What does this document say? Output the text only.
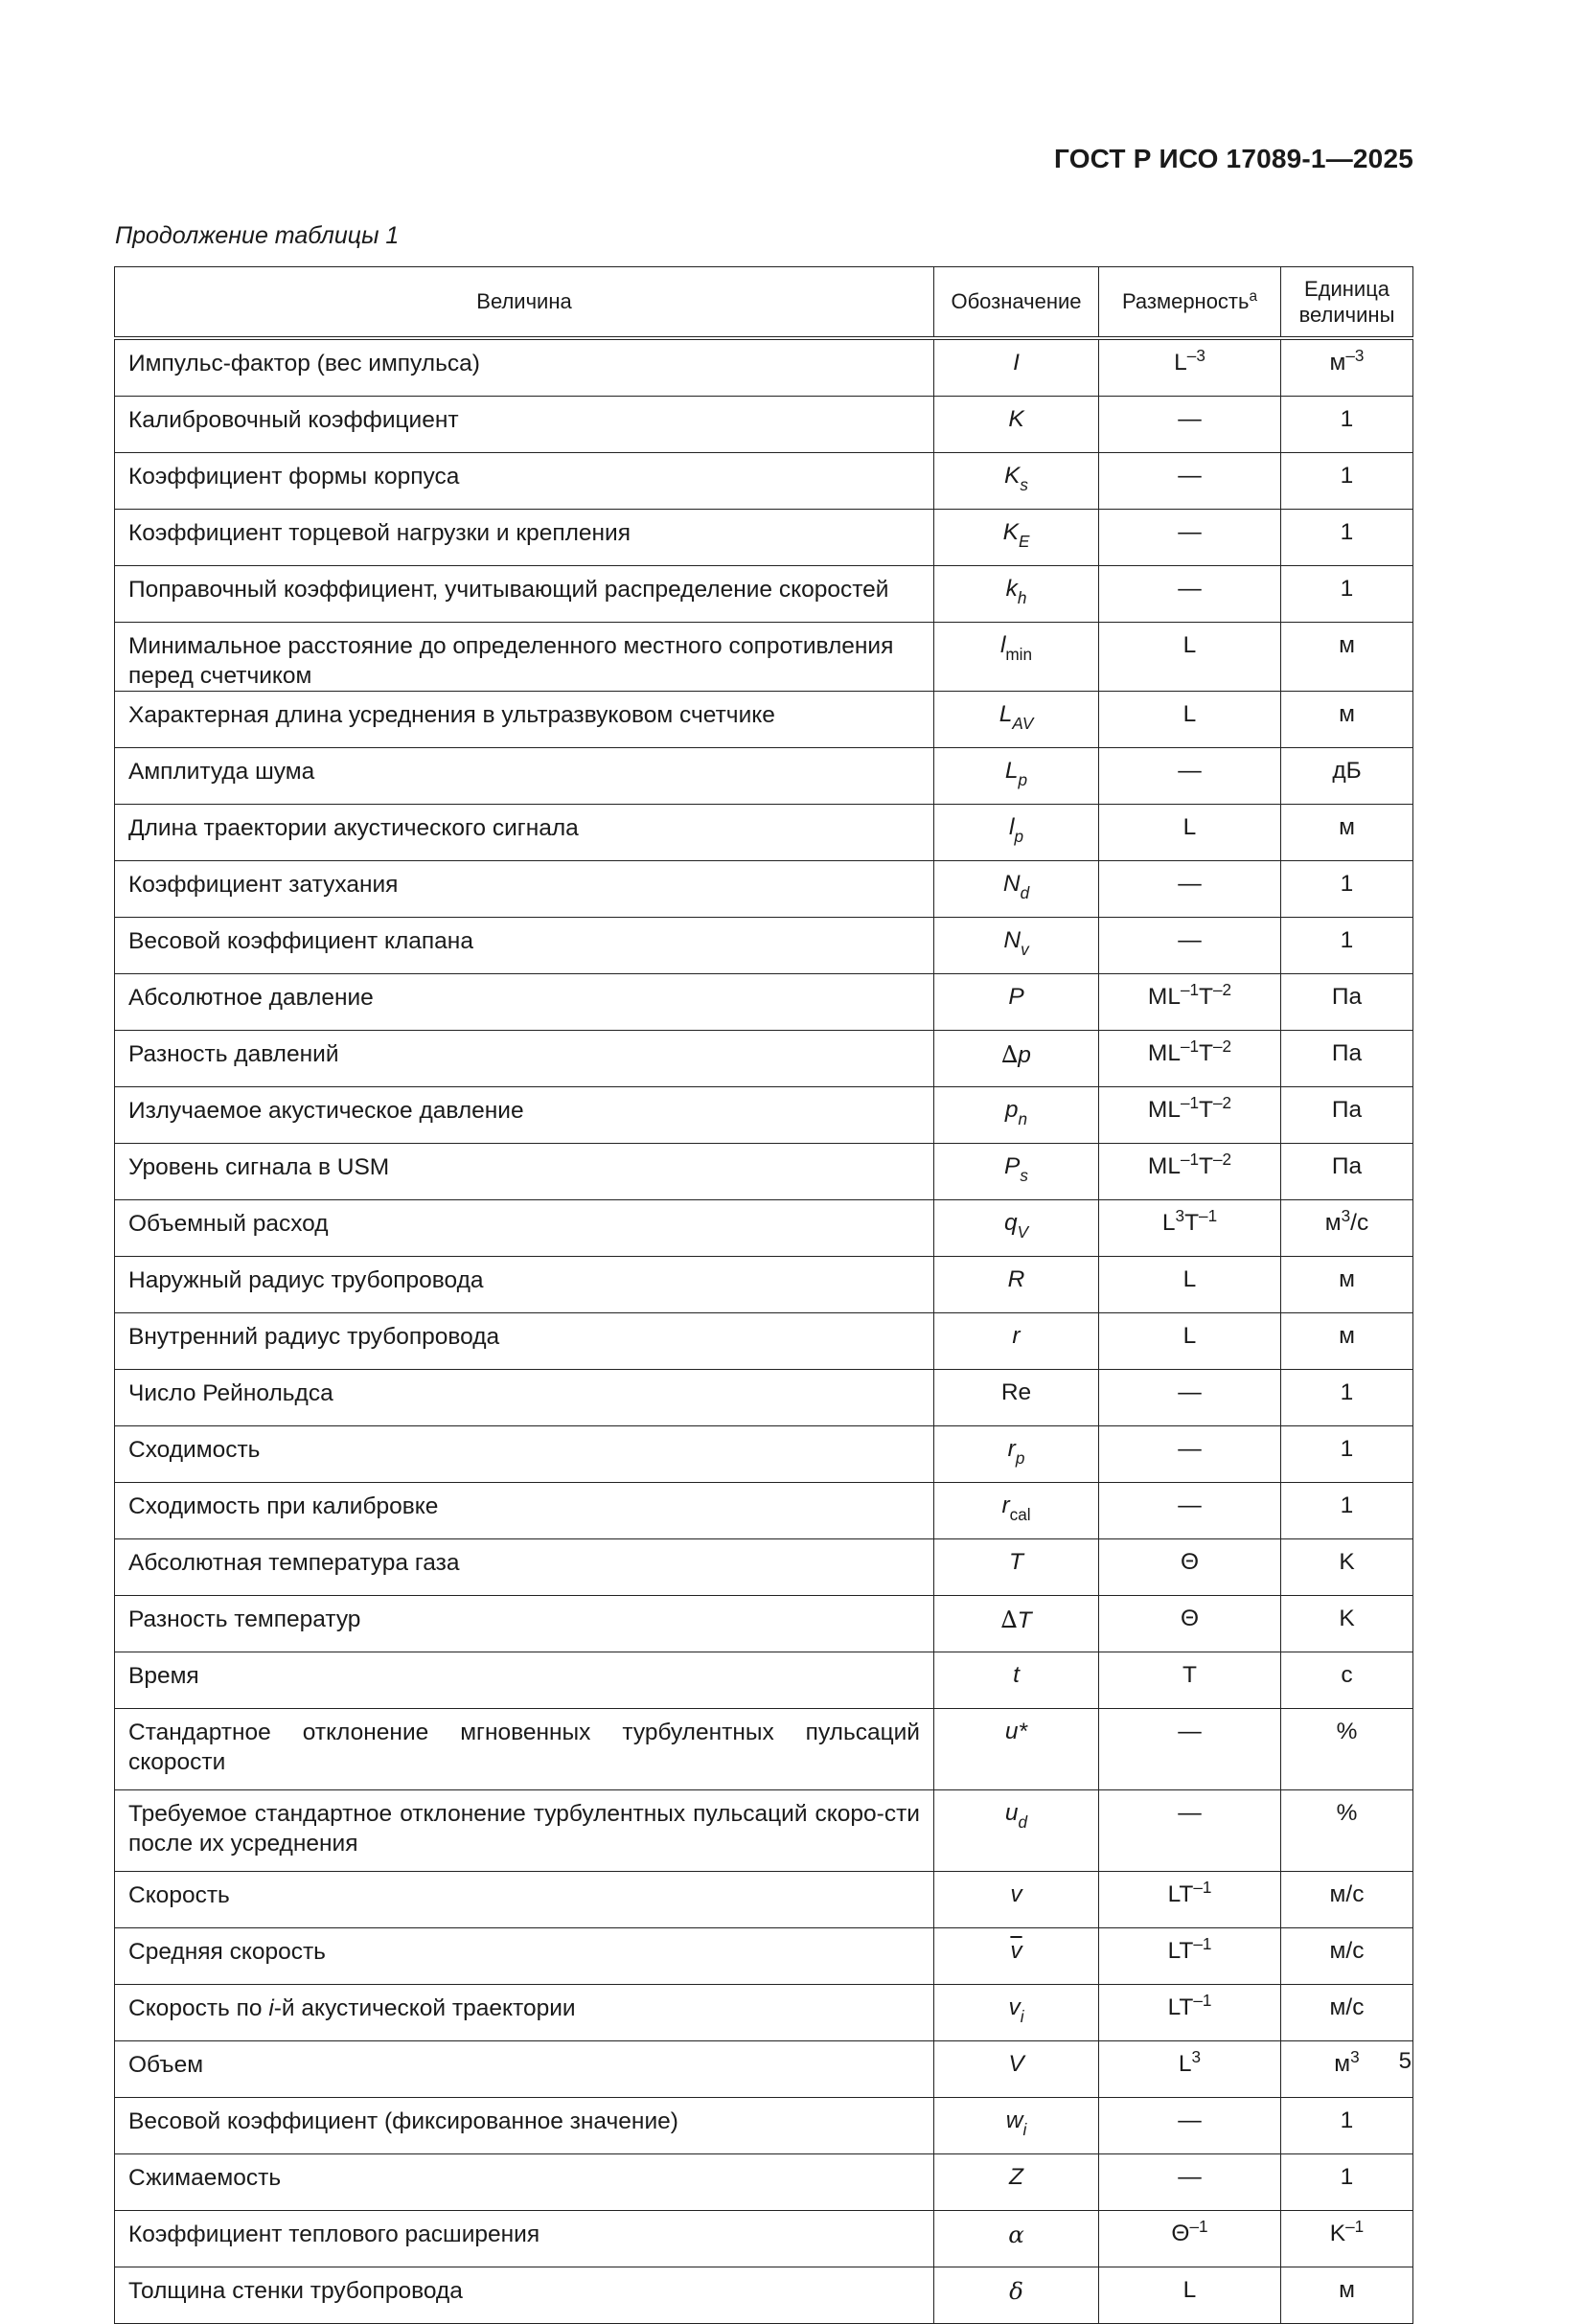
ГОСТ Р ИСО 17089-1—2025
Продолжение таблицы 1
Величина	Обозначение	Размерность$^a$	Единица
величины
Импульс-фактор (вес импульса)	I	$L^{-3}$	$м^{-3}$
Калибровочный коэффициент	K	—	1
Коэффициент формы корпуса	$K_s$	—	1
Коэффициент торцевой нагрузки и крепления	$K_E$	—	1
Поправочный коэффициент, учитывающий распределение скоростей	$k_h$	—	1
Минимальное расстояние до определенного местного сопротивления перед счетчиком	$l_{min}$	L	м
Характерная длина усреднения в ультразвуковом счетчике	$L_{AV}$	L	м
Амплитуда шума	$L_p$	—	дБ
Длина траектории акустического сигнала	$l_p$	L	м
Коэффициент затухания	$N_d$	—	1
Весовой коэффициент клапана	$N_v$	—	1
Абсолютное давление	P	$ML^{-1}T^{-2}$	Па
Разность давлений	∆p	$ML^{-1}T^{-2}$	Па
Излучаемое акустическое давление	$p_n$	$ML^{-1}T^{-2}$	Па
Уровень сигнала в USM	$P_s$	$ML^{-1}T^{-2}$	Па
Объемный расход	$q_V$	$L^3T^{-1}$	$м^3/с$
Наружный радиус трубопровода	R	L	м
Внутренний радиус трубопровода	r	L	м
Число Рейнольдса	Re	—	1
Сходимость	$r_p$	—	1
Сходимость при калибровке	$r_{cal}$	—	1
Абсолютная температура газа	T	Θ	K
Разность температур	∆T	Θ	K
Время	t	T	с
Стандартное отклонение мгновенных турбулентных пульсаций скорости	u*	—	%
Требуемое стандартное отклонение турбулентных пульсаций скоро-сти после их усреднения	$u_d$	—	%
Скорость	v	$LT^{-1}$	м/с
Средняя скорость	$\overline{v}$	$LT^{-1}$	м/с
Скорость по i-й акустической траектории	$v_i$	$LT^{-1}$	м/с
Объем	V	$L^3$	$м^3$
Весовой коэффициент (фиксированное значение)	$w_i$	—	1
Сжимаемость	Z	—	1
Коэффициент теплового расширения	α	$\Theta^{-1}$	$K^{-1}$
Толщина стенки трубопровода	δ	L	м
5
